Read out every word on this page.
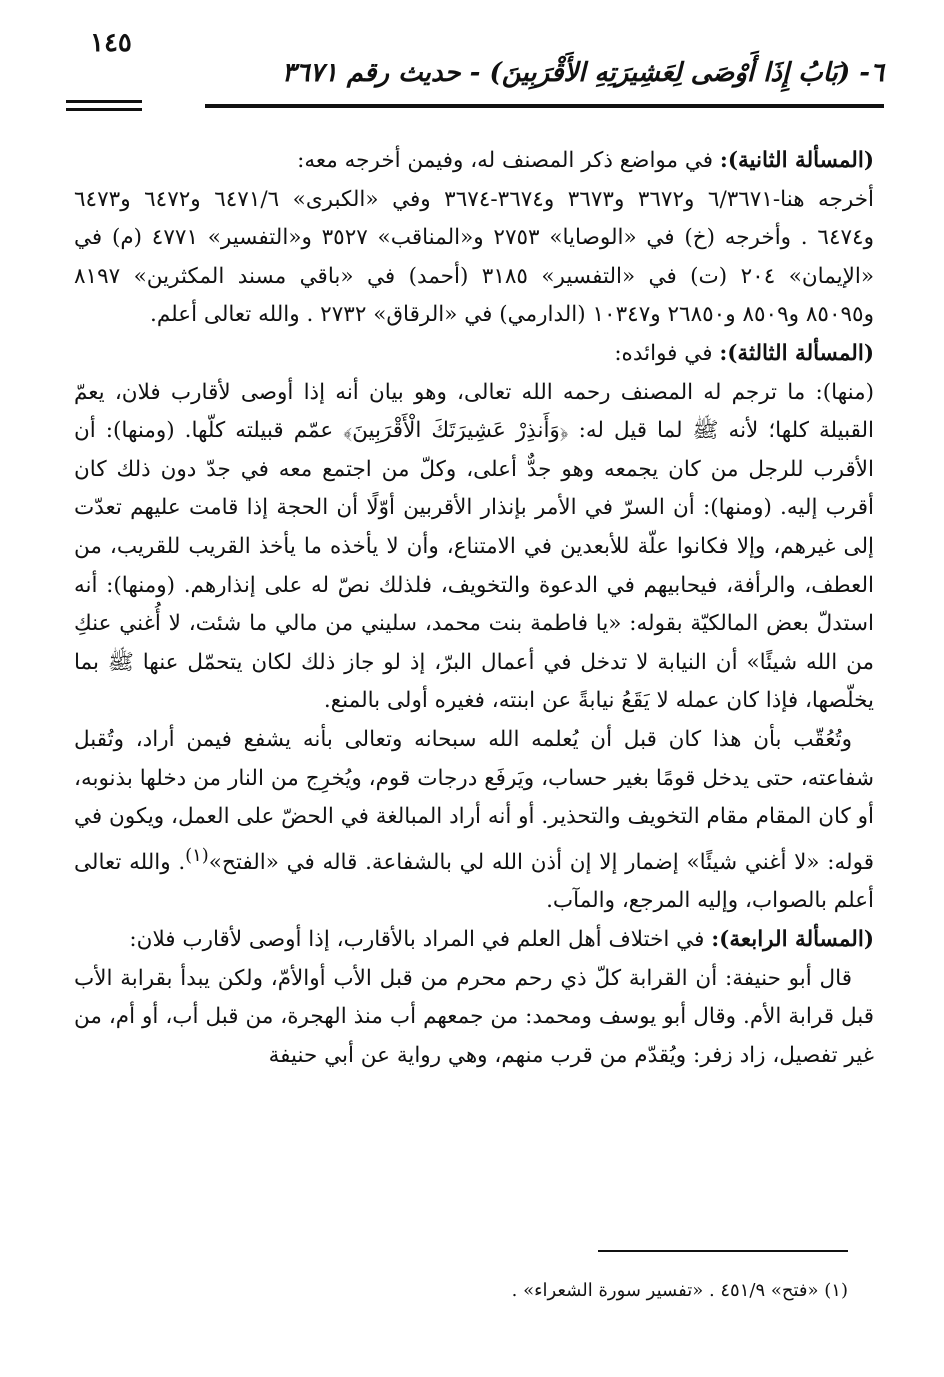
٦- (بَابُ إِذَا أَوْصَى لِعَشِيرَتِهِ الأَقْرَبِينَ) - حديث رقم ٣٦٧١
١٤٥

(المسألة الثانية): في مواضع ذكر المصنف له، وفيمن أخرجه معه:

أخرجه هنا-٦/٣٦٧١ و٣٦٧٢ و٣٦٧٣ و٣٦٧٤-٣٦٧٤ وفي «الكبرى» ٦٤٧١/٦ و٦٤٧٢ و٦٤٧٣ و٦٤٧٤ . وأخرجه (خ) في «الوصايا» ٢٧٥٣ و«المناقب» ٣٥٢٧ و«التفسير» ٤٧٧١ (م) في «الإيمان» ٢٠٤ (ت) في «التفسير» ٣١٨٥ (أحمد) في «باقي مسند المكثرين» ٨١٩٧ و٨٥٠٩٥ و٨٥٠٩ و٢٦٨٥٠ و١٠٣٤٧ (الدارمي) في «الرقاق» ٢٧٣٢ . والله تعالى أعلم.

(المسألة الثالثة): في فوائده:

(منها): ما ترجم له المصنف رحمه الله تعالى، وهو بيان أنه إذا أوصى لأقارب فلان، يعمّ القبيلة كلها؛ لأنه ﷺ لما قيل له: ﴿وَأَنذِرْ عَشِيرَتَكَ الْأَقْرَبِينَ﴾ عمّم قبيلته كلّها. (ومنها): أن الأقرب للرجل من كان يجمعه وهو جدٌّ أعلى، وكلّ من اجتمع معه في جدّ دون ذلك كان أقرب إليه. (ومنها): أن السرّ في الأمر بإنذار الأقربين أوّلًا أن الحجة إذا قامت عليهم تعدّت إلى غيرهم، وإلا فكانوا علّة للأبعدين في الامتناع، وأن لا يأخذه ما يأخذ القريب للقريب، من العطف، والرأفة، فيحابيهم في الدعوة والتخويف، فلذلك نصّ له على إنذارهم. (ومنها): أنه استدلّ بعض المالكيّة بقوله: «يا فاطمة بنت محمد، سليني من مالي ما شئت، لا أُغني عنكِ من الله شيئًا» أن النيابة لا تدخل في أعمال البرّ، إذ لو جاز ذلك لكان يتحمّل عنها ﷺ بما يخلّصها، فإذا كان عمله لا يَقَعُ نيابةً عن ابنته، فغيره أولى بالمنع.

وتُعُقّب بأن هذا كان قبل أن يُعلمه الله سبحانه وتعالى بأنه يشفع فيمن أراد، وتُقبل شفاعته، حتى يدخل قومًا بغير حساب، ويَرفَع درجات قوم، ويُخرِج من النار من دخلها بذنوبه، أو كان المقام مقام التخويف والتحذير. أو أنه أراد المبالغة في الحضّ على العمل، ويكون في قوله: «لا أغني شيئًا» إضمار إلا إن أذن الله لي بالشفاعة. قاله في «الفتح»$^{(١)}$. والله تعالى أعلم بالصواب، وإليه المرجع، والمآب.

(المسألة الرابعة): في اختلاف أهل العلم في المراد بالأقارب، إذا أوصى لأقارب فلان:

قال أبو حنيفة: أن القرابة كلّ ذي رحم محرم من قبل الأب أوالأمّ، ولكن يبدأ بقرابة الأب قبل قرابة الأم. وقال أبو يوسف ومحمد: من جمعهم أب منذ الهجرة، من قبل أب، أو أم، من غير تفصيل، زاد زفر: ويُقدّم من قرب منهم، وهي رواية عن أبي حنيفة

(١) «فتح» ٤٥١/٩ . «تفسير سورة الشعراء» .
